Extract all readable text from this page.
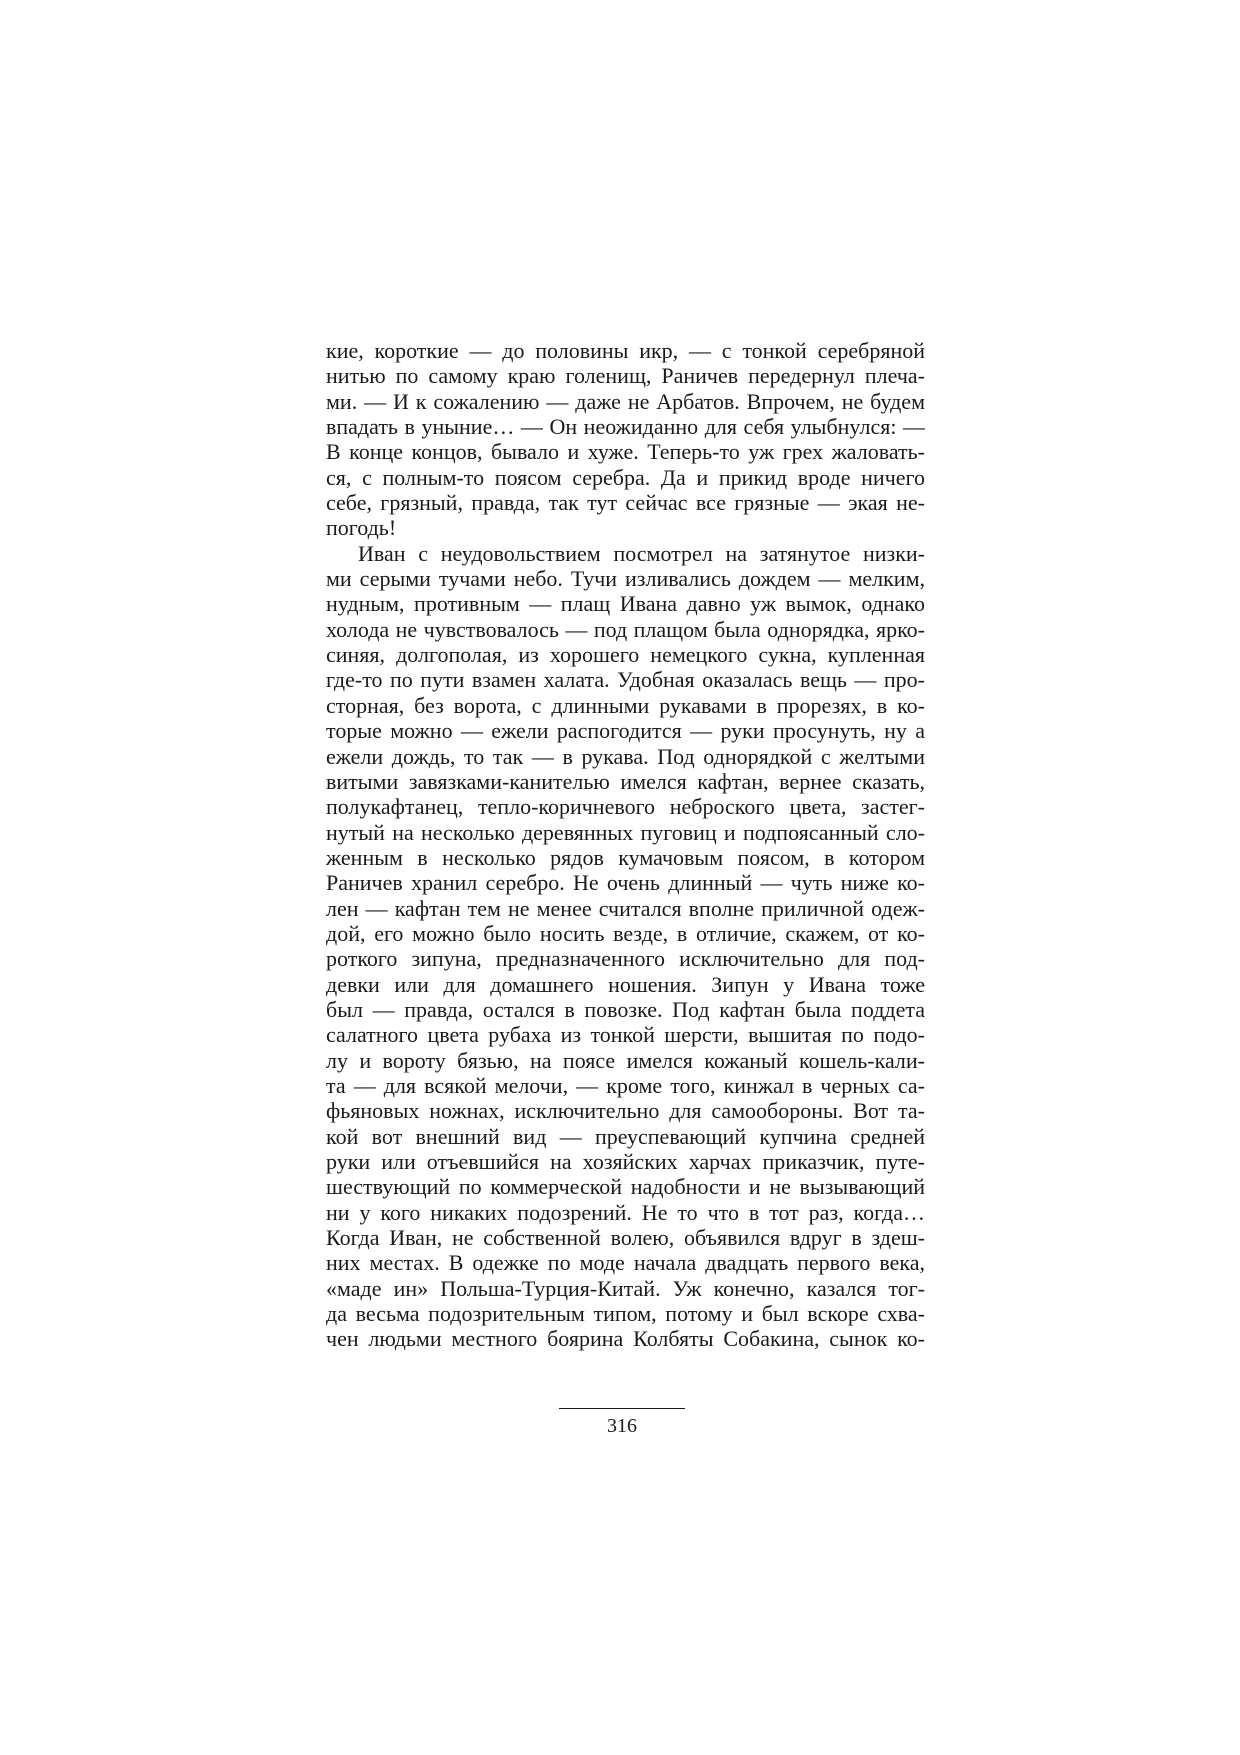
кие, короткие — до половины икр, — с тонкой серебряной
нитью по самому краю голенищ, Раничев передернул плеча-
ми. — И к сожалению — даже не Арбатов. Впрочем, не будем
впадать в уныние… — Он неожиданно для себя улыбнулся: —
В конце концов, бывало и хуже. Теперь-то уж грех жаловать-
ся, с полным-то поясом серебра. Да и прикид вроде ничего
себе, грязный, правда, так тут сейчас все грязные — экая не-
погодь!
Иван с неудовольствием посмотрел на затянутое низки-
ми серыми тучами небо. Тучи изливались дождем — мелким,
нудным, противным — плащ Ивана давно уж вымок, однако
холода не чувствовалось — под плащом была однорядка, ярко-
синяя, долгополая, из хорошего немецкого сукна, купленная
где-то по пути взамен халата. Удобная оказалась вещь — про-
сторная, без ворота, с длинными рукавами в прорезях, в ко-
торые можно — ежели распогодится — руки просунуть, ну а
ежели дождь, то так — в рукава. Под однорядкой с желтыми
витыми завязками-канителью имелся кафтан, вернее сказать,
полукафтанец, тепло-коричневого неброского цвета, застег-
нутый на несколько деревянных пуговиц и подпоясанный сло-
женным в несколько рядов кумачовым поясом, в котором
Раничев хранил серебро. Не очень длинный — чуть ниже ко-
лен — кафтан тем не менее считался вполне приличной одеж-
дой, его можно было носить везде, в отличие, скажем, от ко-
роткого зипуна, предназначенного исключительно для под-
девки или для домашнего ношения. Зипун у Ивана тоже
был — правда, остался в повозке. Под кафтан была поддета
салатного цвета рубаха из тонкой шерсти, вышитая по подо-
лу и вороту бязью, на поясе имелся кожаный кошель-кали-
та — для всякой мелочи, — кроме того, кинжал в черных са-
фьяновых ножнах, исключительно для самообороны. Вот та-
кой вот внешний вид — преуспевающий купчина средней
руки или отъевшийся на хозяйских харчах приказчик, путе-
шествующий по коммерческой надобности и не вызывающий
ни у кого никаких подозрений. Не то что в тот раз, когда…
Когда Иван, не собственной волею, объявился вдруг в здеш-
них местах. В одежке по моде начала двадцать первого века,
«маде ин» Польша-Турция-Китай. Уж конечно, казался тог-
да весьма подозрительным типом, потому и был вскоре схва-
чен людьми местного боярина Колбяты Собакина, сынок ко-
316
